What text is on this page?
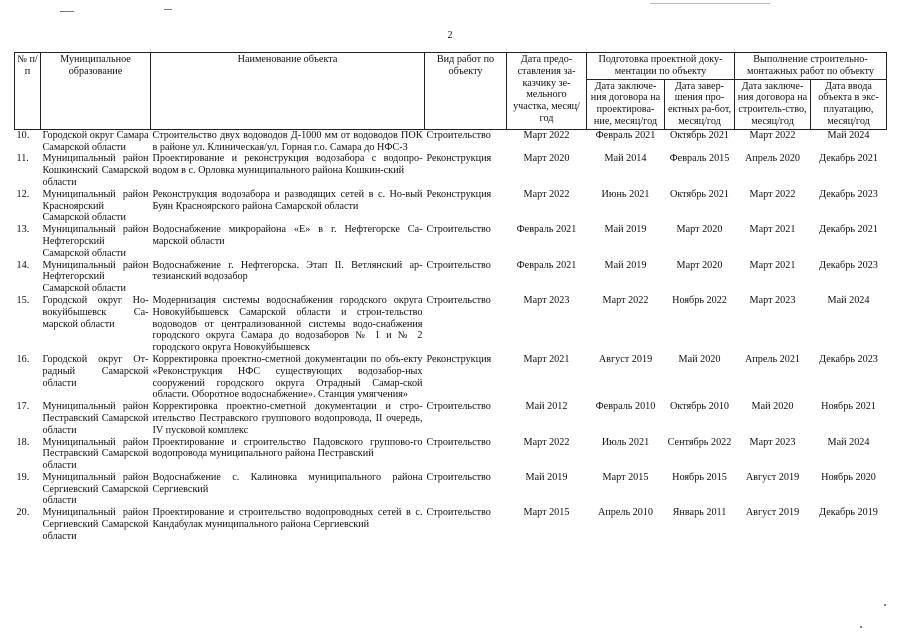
2
№ п/п	Муниципальное образование	Наименование объекта	Вид работ по объекту	Дата предо-ставления за-казчику зе-мельного участка, месяц/год	Подготовка проектной доку-ментации по объекту		Выполнение строительно-монтажных работ по объекту	
					Дата заключе-ния договора на проектирова-ние, месяц/год	Дата завер-шения про-ектных ра-бот, месяц/год	Дата заключе-ния договора на строитель-ство, месяц/год	Дата ввода объекта в экс-плуатацию, месяц/год
10.	Городской округ Самара Самарской области	Строительство двух водоводов Д-1000 мм от водоводов ПОК в районе ул. Клиническая/ул. Горная г.о. Самара до НФС-3	Строительство	Март 2022	Февраль 2021	Октябрь 2021	Март 2022	Май 2024
11.	Муниципальный район Кошкинский Самарской области	Проектирование и реконструкция водозабора с водопро-водом в с. Орловка муниципального района Кошкин-ский	Реконструкция	Март 2020	Май 2014	Февраль 2015	Апрель 2020	Декабрь 2021
12.	Муниципальный район Красноярский Самарской области	Реконструкция водозабора и разводящих сетей в с. Но-вый Буян Красноярского района Самарской области	Реконструкция	Март 2022	Июнь 2021	Октябрь 2021	Март 2022	Декабрь 2023
13.	Муниципальный район Нефтегорский Самарской области	Водоснабжение микрорайона «Е» в г. Нефтегорске Са-марской области	Строительство	Февраль 2021	Май 2019	Март 2020	Март 2021	Декабрь 2021
14.	Муниципальный район Нефтегорский Самарской области	Водоснабжение г. Нефтегорска. Этап II. Ветлянский ар-тезианский водозабор	Строительство	Февраль 2021	Май 2019	Март 2020	Март 2021	Декабрь 2023
15.	Городской округ Но-вокуйбышевск Са-марской области	Модернизация системы водоснабжения городского округа Новокуйбышевск Самарской области и строи-тельство водоводов от централизованной системы водо-снабжения городского округа Самара до водозаборов № 1 и № 2 городского округа Новокуйбышевск	Строительство	Март 2023	Март 2022	Ноябрь 2022	Март 2023	Май 2024
16.	Городской округ От-радный Самарской области	Корректировка проектно-сметной документации по объ-екту «Реконструкция НФС существующих водозабор-ных сооружений городского округа Отрадный Самар-ской области. Оборотное водоснабжение». Станция умягчения»	Реконструкция	Март 2021	Август 2019	Май 2020	Апрель 2021	Декабрь 2023
17.	Муниципальный район Пестравский Самарской области	Корректировка проектно-сметной документации и стро-ительство Пестравского группового водопровода, II очередь, IV пусковой комплекс	Строительство	Май 2012	Февраль 2010	Октябрь 2010	Май 2020	Ноябрь 2021
18.	Муниципальный район Пестравский Самарской области	Проектирование и строительство Падовского группово-го водопровода муниципального района Пестравский	Строительство	Март 2022	Июль 2021	Сентябрь 2022	Март 2023	Май 2024
19.	Муниципальный район Сергиевский Самарской области	Водоснабжение с. Калиновка муниципального района Сергиевский	Строительство	Май 2019	Март 2015	Ноябрь 2015	Август 2019	Ноябрь 2020
20.	Муниципальный район Сергиевский Самарской области	Проектирование и строительство водопроводных сетей в с. Кандабулак муниципального района Сергиевский	Строительство	Март 2015	Апрель 2010	Январь 2011	Август 2019	Декабрь 2019
